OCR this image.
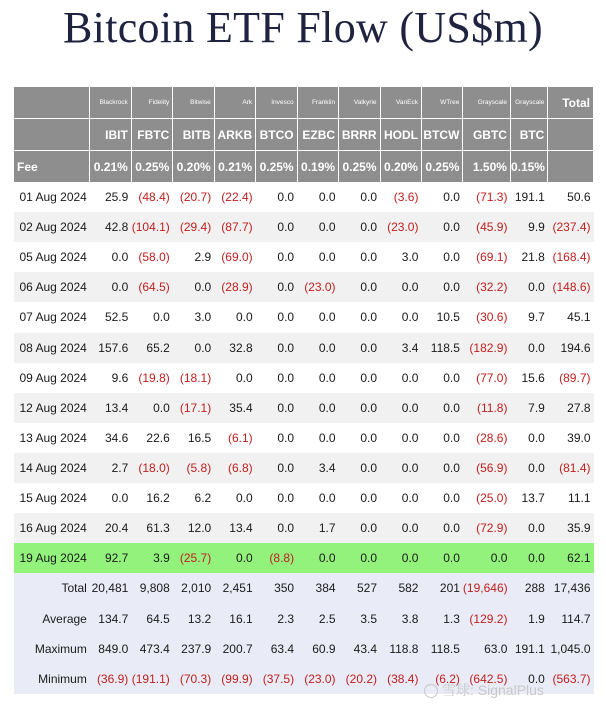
Bitcoin ETF Flow (US$m)
	Blackrock	Fidelity	Bitwise	Ark	Invesco	Franklin	Valkyrie	VanEck	WTree	Grayscale	Grayscale	Total
	IBIT	FBTC	BITB	ARKB	BTCO	EZBC	BRRR	HODL	BTCW	GBTC	BTC	
Fee	0.21%	0.25%	0.20%	0.21%	0.25%	0.19%	0.25%	0.20%	0.25%	1.50%	0.15%	
01 Aug 2024	25.9	(48.4)	(20.7)	(22.4)	0.0	0.0	0.0	(3.6)	0.0	(71.3)	191.1	50.6
02 Aug 2024	42.8	(104.1)	(29.4)	(87.7)	0.0	0.0	0.0	(23.0)	0.0	(45.9)	9.9	(237.4)
05 Aug 2024	0.0	(58.0)	2.9	(69.0)	0.0	0.0	0.0	3.0	0.0	(69.1)	21.8	(168.4)
06 Aug 2024	0.0	(64.5)	0.0	(28.9)	0.0	(23.0)	0.0	0.0	0.0	(32.2)	0.0	(148.6)
07 Aug 2024	52.5	0.0	3.0	0.0	0.0	0.0	0.0	0.0	10.5	(30.6)	9.7	45.1
08 Aug 2024	157.6	65.2	0.0	32.8	0.0	0.0	0.0	3.4	118.5	(182.9)	0.0	194.6
09 Aug 2024	9.6	(19.8)	(18.1)	0.0	0.0	0.0	0.0	0.0	0.0	(77.0)	15.6	(89.7)
12 Aug 2024	13.4	0.0	(17.1)	35.4	0.0	0.0	0.0	0.0	0.0	(11.8)	7.9	27.8
13 Aug 2024	34.6	22.6	16.5	(6.1)	0.0	0.0	0.0	0.0	0.0	(28.6)	0.0	39.0
14 Aug 2024	2.7	(18.0)	(5.8)	(6.8)	0.0	3.4	0.0	0.0	0.0	(56.9)	0.0	(81.4)
15 Aug 2024	0.0	16.2	6.2	0.0	0.0	0.0	0.0	0.0	0.0	(25.0)	13.7	11.1
16 Aug 2024	20.4	61.3	12.0	13.4	0.0	1.7	0.0	0.0	0.0	(72.9)	0.0	35.9
19 Aug 2024	92.7	3.9	(25.7)	0.0	(8.8)	0.0	0.0	0.0	0.0	0.0	0.0	62.1
Total	20,481	9,808	2,010	2,451	350	384	527	582	201	(19,646)	288	17,436
Average	134.7	64.5	13.2	16.1	2.3	2.5	3.5	3.8	1.3	(129.2)	1.9	114.7
Maximum	849.0	473.4	237.9	200.7	63.4	60.9	43.4	118.8	118.5	63.0	191.1	1,045.0
Minimum	(36.9)	(191.1)	(70.3)	(99.9)	(37.5)	(23.0)	(20.2)	(38.4)	(6.2)	(642.5)	0.0	(563.7)
雪球: SignalPlus
